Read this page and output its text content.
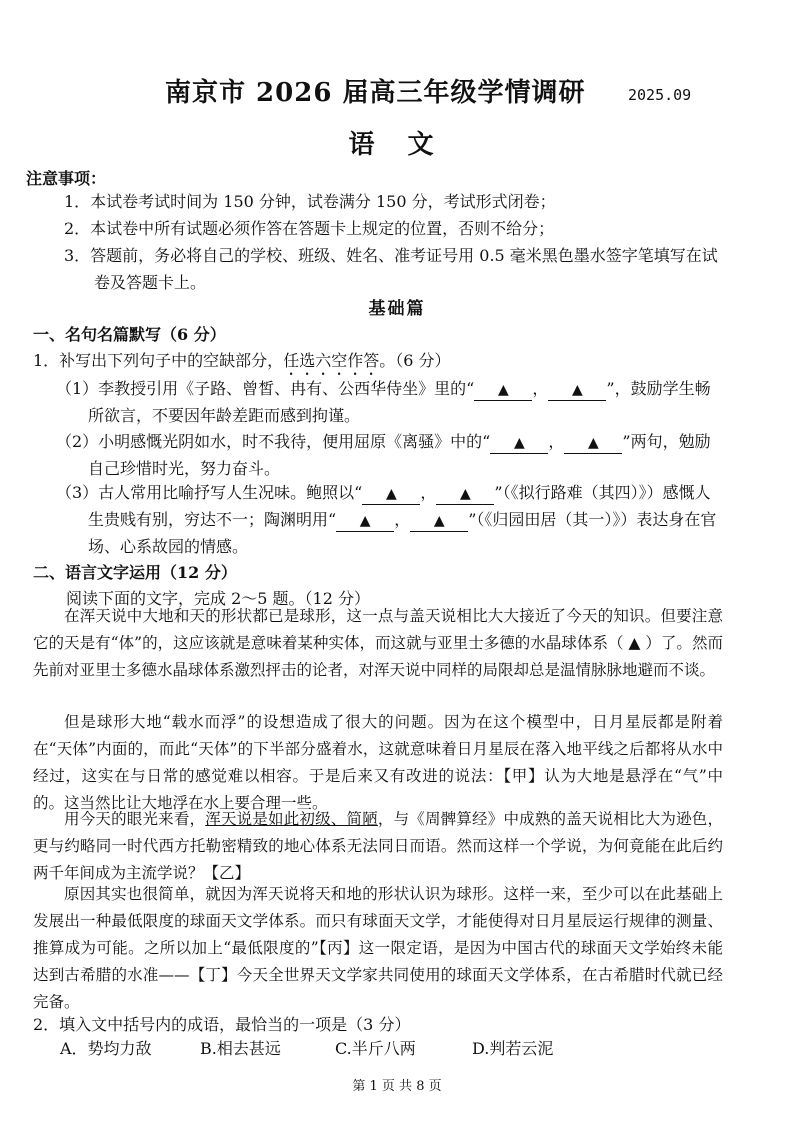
南京市 2026 届高三年级学情调研	2025.09
语 文
注意事项：
1．本试卷考试时间为 150 分钟，试卷满分 150 分，考试形式闭卷；
2．本试卷中所有试题必须作答在答题卡上规定的位置，否则不给分；
3．答题前，务必将自己的学校、班级、姓名、准考证号用 0.5 毫米黑色墨水签字笔填写在试卷及答题卡上。
基础篇
一、名句名篇默写（6 分）
1．补写出下列句子中的空缺部分，任选六空作答。（6 分）
（1）李教授引用《子路、曾皙、冉有、公西华侍坐》里的“ ▲ ， ▲ ”，鼓励学生畅所欲言，不要因年龄差距而感到拘谨。
（2）小明感慨光阴如水，时不我待，便用屈原《离骚》中的“ ▲ ， ▲ ”两句，勉励自己珍惜时光，努力奋斗。
（3）古人常用比喻抒写人生况味。鲍照以“ ▲ ， ▲ ”（《拟行路难（其四）》）感慨人生贵贱有别，穷达不一；陶渊明用“ ▲ ， ▲ ”（《归园田居（其一）》）表达身在官场、心系故园的情感。
二、语言文字运用（12 分）
阅读下面的文字，完成 2～5 题。（12 分）
在浑天说中大地和天的形状都已是球形，这一点与盖天说相比大大接近了今天的知识。但要注意它的天是有“体”的，这应该就是意味着某种实体，而这就与亚里士多德的水晶球体系（ ▲ ）了。然而先前对亚里士多德水晶球体系激烈抨击的论者，对浑天说中同样的局限却总是温情脉脉地避而不谈。
但是球形大地“载水而浮”的设想造成了很大的问题。因为在这个模型中，日月星辰都是附着在“天体”内面的，而此“天体”的下半部分盛着水，这就意味着日月星辰在落入地平线之后都将从水中经过，这实在与日常的感觉难以相容。于是后来又有改进的说法：【甲】认为大地是悬浮在“气”中的。这当然比让大地浮在水上要合理一些。
用今天的眼光来看，浑天说是如此初级、简陋，与《周髀算经》中成熟的盖天说相比大为逊色，更与约略同一时代西方托勒密精致的地心体系无法同日而语。然而这样一个学说，为何竟能在此后约两千年间成为主流学说？【乙】
原因其实也很简单，就因为浑天说将天和地的形状认识为球形。这样一来，至少可以在此基础上发展出一种最低限度的球面天文学体系。而只有球面天文学，才能使得对日月星辰运行规律的测量、推算成为可能。之所以加上“最低限度的”【丙】这一限定语，是因为中国古代的球面天文学始终未能达到古希腊的水准——【丁】今天全世界天文学家共同使用的球面天文学体系，在古希腊时代就已经完备。
2．填入文中括号内的成语，最恰当的一项是（3 分）
A．势均力敌	B.相去甚远	C.半斤八两	D.判若云泥
第 1 页 共 8 页
